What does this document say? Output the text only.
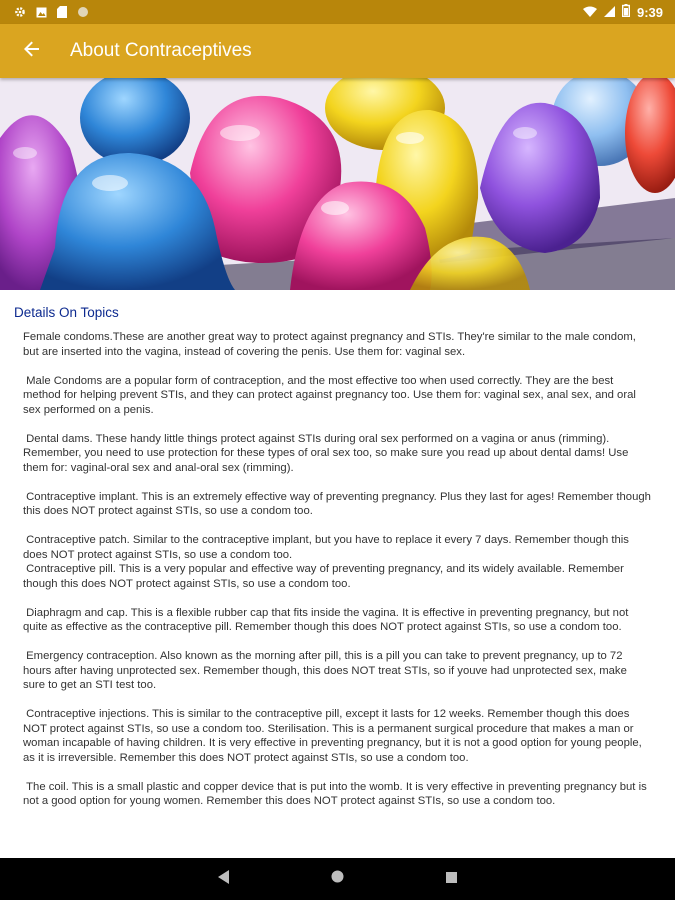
9:39
About Contraceptives
Details On Topics

Female condoms.These are another great way to protect against pregnancy and STIs. They're similar to the male condom, but are inserted into the vagina, instead of covering the penis. Use them for: vaginal sex.

Male Condoms are a popular form of contraception, and the most effective too when used correctly. They are the best method for helping prevent STIs, and they can protect against pregnancy too. Use them for: vaginal sex, anal sex, and oral sex performed on a penis.

Dental dams. These handy little things protect against STIs during oral sex performed on a vagina or anus (rimming). Remember, you need to use protection for these types of oral sex too, so make sure you read up about dental dams! Use them for: vaginal-oral sex and anal-oral sex (rimming).

Contraceptive implant. This is an extremely effective way of preventing pregnancy. Plus they last for ages! Remember though this does NOT protect against STIs, so use a condom too.

Contraceptive patch. Similar to the contraceptive implant, but you have to replace it every 7 days. Remember though this does NOT protect against STIs, so use a condom too.
Contraceptive pill. This is a very popular and effective way of preventing pregnancy, and its widely available. Remember though this does NOT protect against STIs, so use a condom too.

Diaphragm and cap. This is a flexible rubber cap that fits inside the vagina. It is effective in preventing pregnancy, but not quite as effective as the contraceptive pill. Remember though this does NOT protect against STIs, so use a condom too.

Emergency contraception. Also known as the morning after pill, this is a pill you can take to prevent pregnancy, up to 72 hours after having unprotected sex. Remember though, this does NOT treat STIs, so if youve had unprotected sex, make sure to get an STI test too.

Contraceptive injections. This is similar to the contraceptive pill, except it lasts for 12 weeks. Remember though this does NOT protect against STIs, so use a condom too. Sterilisation. This is a permanent surgical procedure that makes a man or woman incapable of having children. It is very effective in preventing pregnancy, but it is not a good option for young people, as it is irreversible. Remember this does NOT protect against STIs, so use a condom too.

The coil. This is a small plastic and copper device that is put into the womb. It is very effective in preventing pregnancy but is not a good option for young women. Remember this does NOT protect against STIs, so use a condom too.
